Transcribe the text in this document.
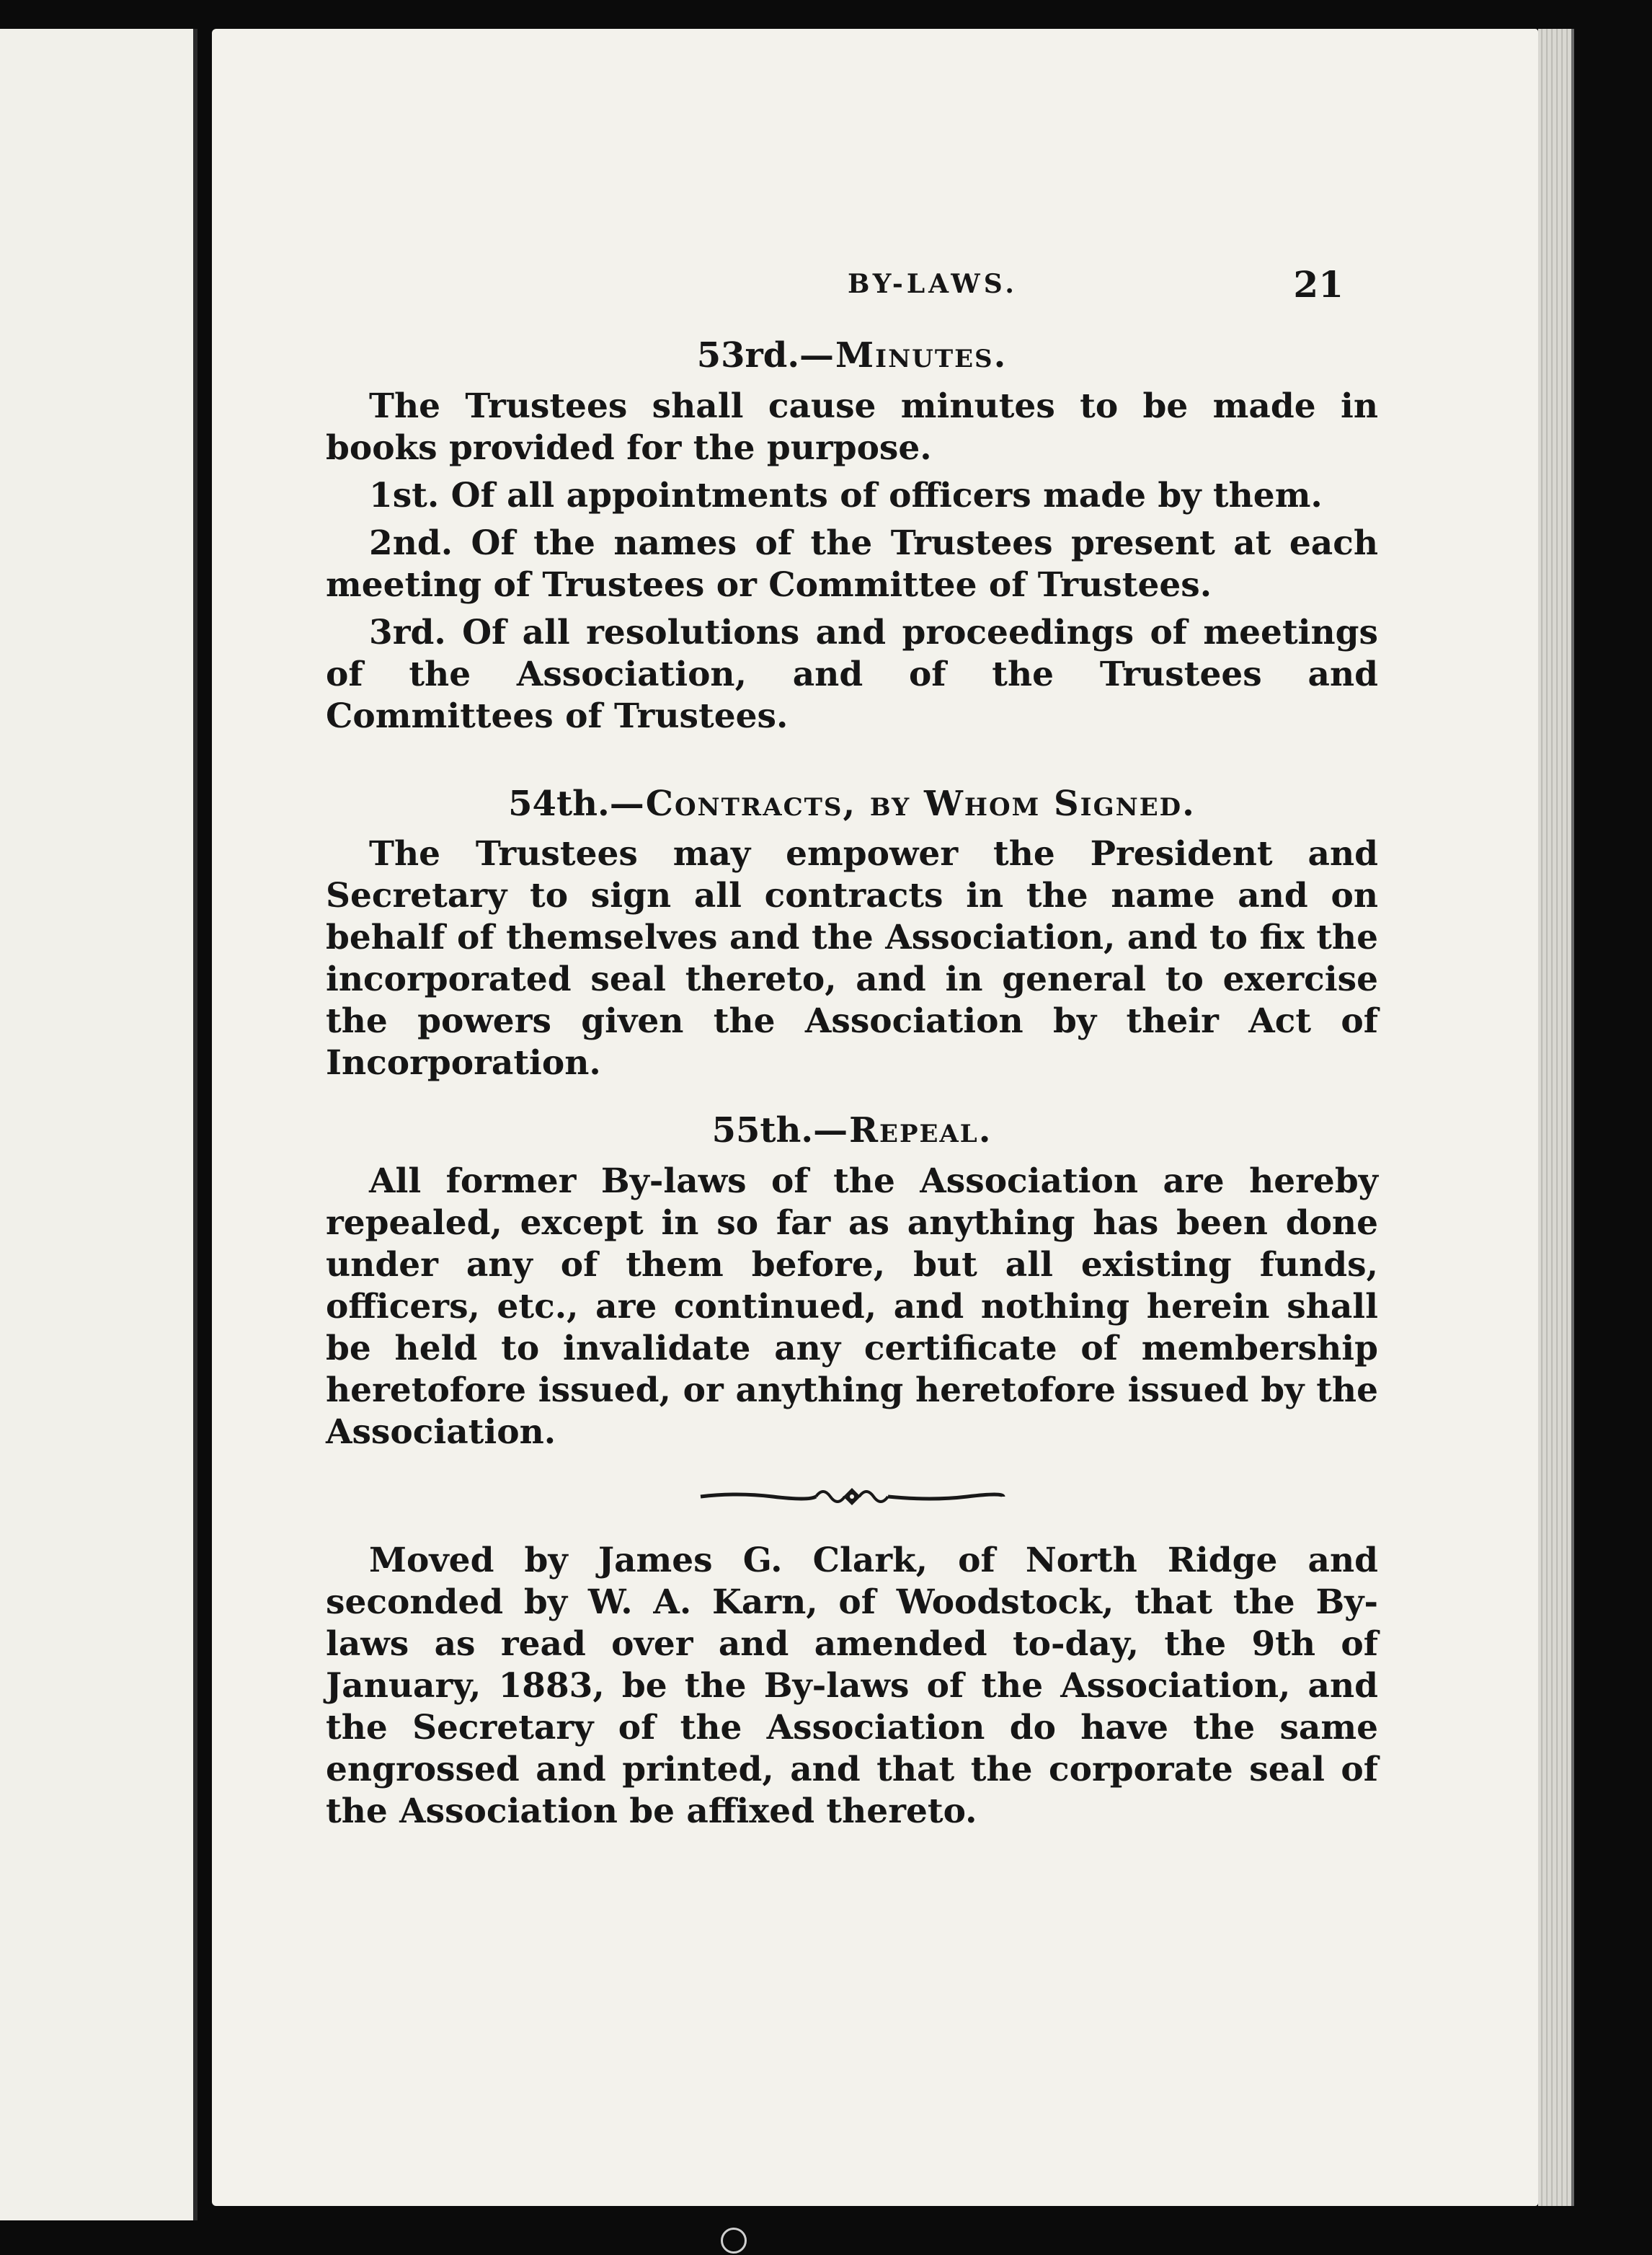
BY-LAWS.	21
53rd.—Minutes.

The Trustees shall cause minutes to be made in books provided for the purpose.

1st. Of all appointments of officers made by them.

2nd. Of the names of the Trustees present at each meeting of Trustees or Committee of Trustees.

3rd. Of all resolutions and proceedings of meetings of the Association, and of the Trustees and Committees of Trustees.

54th.—Contracts, by Whom Signed.

The Trustees may empower the President and Secretary to sign all contracts in the name and on behalf of themselves and the Association, and to fix the incorporated seal thereto, and in general to exercise the powers given the Association by their Act of Incorporation.

55th.—Repeal.

All former By-laws of the Association are hereby repealed, except in so far as anything has been done under any of them before, but all existing funds, officers, etc., are continued, and nothing herein shall be held to invalidate any certificate of membership heretofore issued, or anything heretofore issued by the Association.

Moved by James G. Clark, of North Ridge and seconded by W. A. Karn, of Woodstock, that the By-laws as read over and amended to-day, the 9th of January, 1883, be the By-laws of the Association, and the Secretary of the Association do have the same engrossed and printed, and that the corporate seal of the Association be affixed thereto.
